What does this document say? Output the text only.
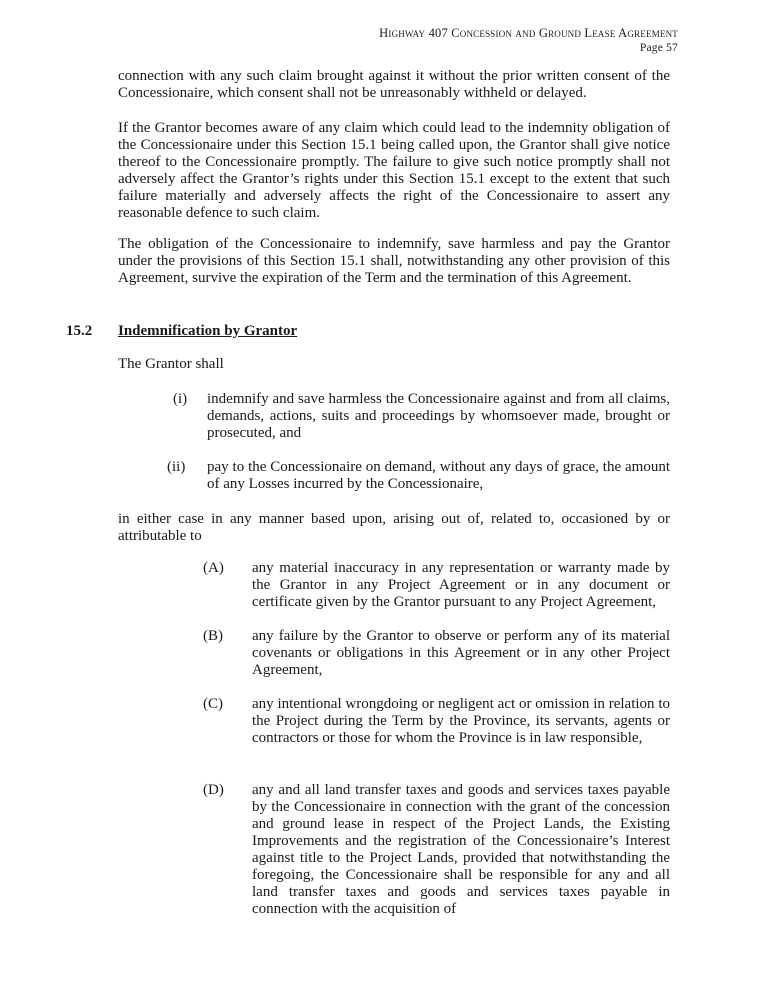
Highway 407 Concession and Ground Lease Agreement
Page 57

connection with any such claim brought against it without the prior written consent of the Concessionaire, which consent shall not be unreasonably withheld or delayed.

If the Grantor becomes aware of any claim which could lead to the indemnity obligation of the Concessionaire under this Section 15.1 being called upon, the Grantor shall give notice thereof to the Concessionaire promptly. The failure to give such notice promptly shall not adversely affect the Grantor’s rights under this Section 15.1 except to the extent that such failure materially and adversely affects the right of the Concessionaire to assert any reasonable defence to such claim.

The obligation of the Concessionaire to indemnify, save harmless and pay the Grantor under the provisions of this Section 15.1 shall, notwithstanding any other provision of this Agreement, survive the expiration of the Term and the termination of this Agreement.

15.2 Indemnification by Grantor

The Grantor shall

(i) indemnify and save harmless the Concessionaire against and from all claims, demands, actions, suits and proceedings by whomsoever made, brought or prosecuted, and

(ii) pay to the Concessionaire on demand, without any days of grace, the amount of any Losses incurred by the Concessionaire,

in either case in any manner based upon, arising out of, related to, occasioned by or attributable to

(A) any material inaccuracy in any representation or warranty made by the Grantor in any Project Agreement or in any document or certificate given by the Grantor pursuant to any Project Agreement,

(B) any failure by the Grantor to observe or perform any of its material covenants or obligations in this Agreement or in any other Project Agreement,

(C) any intentional wrongdoing or negligent act or omission in relation to the Project during the Term by the Province, its servants, agents or contractors or those for whom the Province is in law responsible,

(D) any and all land transfer taxes and goods and services taxes payable by the Concessionaire in connection with the grant of the concession and ground lease in respect of the Project Lands, the Existing Improvements and the registration of the Concessionaire’s Interest against title to the Project Lands, provided that notwithstanding the foregoing, the Concessionaire shall be responsible for any and all land transfer taxes and goods and services taxes payable in connection with the acquisition of
